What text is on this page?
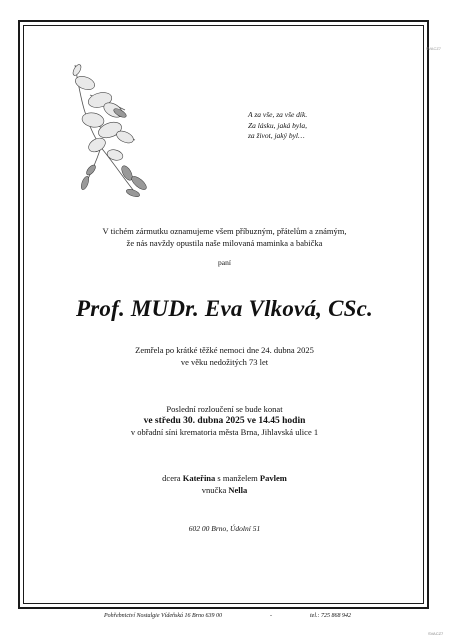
SVACZ7
A za vše, za vše dík.
Za lásku, jaká byla,
za život, jaký byl…
V tichém zármutku oznamujeme všem příbuzným, přátelům a známým,
že nás navždy opustila naše milovaná maminka a babička
paní
Prof. MUDr. Eva Vlková, CSc.
Zemřela po krátké těžké nemoci dne 24. dubna 2025
ve věku nedožitých 73 let
Poslední rozloučení se bude konat
ve středu 30. dubna 2025 ve 14.45 hodin
v obřadní síni krematoria města Brna, Jihlavská ulice 1
dcera Kateřina s manželem Pavlem
vnučka Nella
602 00 Brno, Údolní 51
Pohřebnictví Nostalgie Vídeňská 16 Brno 639 00	-	tel.: 725 868 942
SVACZ7
